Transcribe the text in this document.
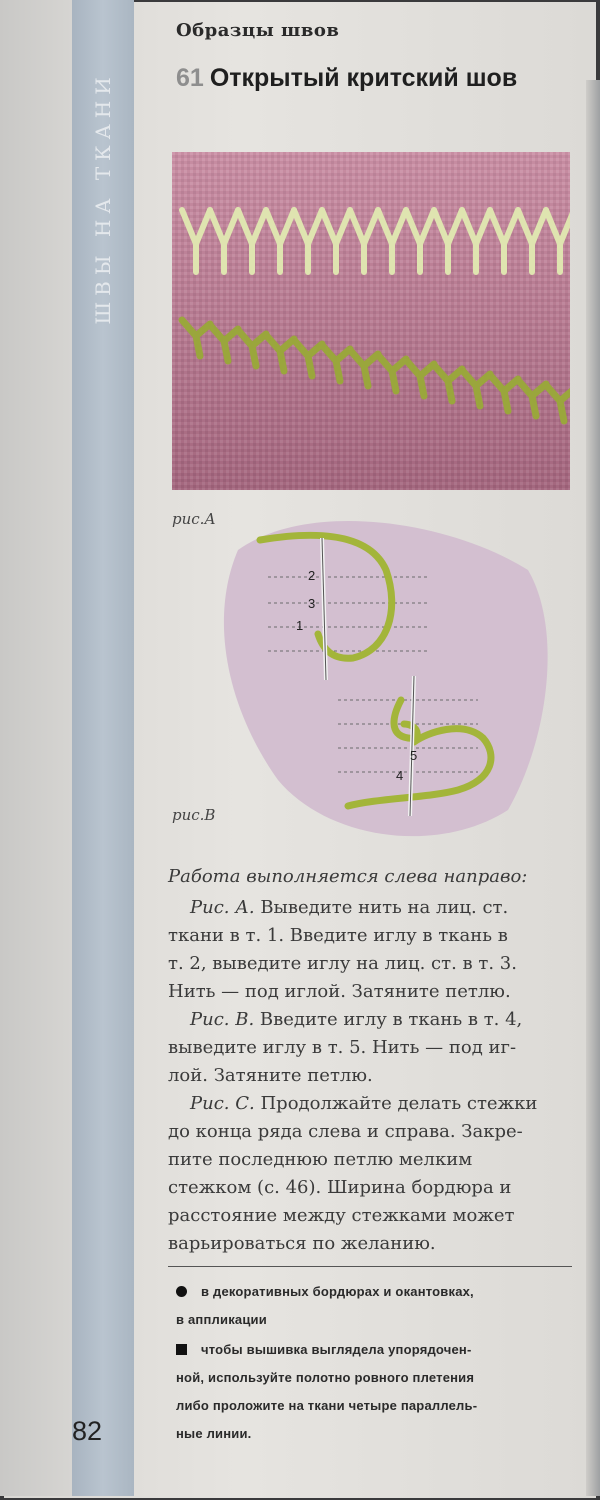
ШВЫ НА ТКАНИ
Образцы швов
61 Открытый критский шов
рис.А
2
3
1
5
4
рис.В
Работа выполняется слева направо:
Рис. А. Выведите нить на лиц. ст.
ткани в т. 1. Введите иглу в ткань в
т. 2, выведите иглу на лиц. ст. в т. 3.
Нить — под иглой. Затяните петлю.
Рис. В. Введите иглу в ткань в т. 4,
выведите иглу в т. 5. Нить — под иг-
лой. Затяните петлю.
Рис. С. Продолжайте делать стежки
до конца ряда слева и справа. Закре-
пите последнюю петлю мелким
стежком (с. 46). Ширина бордюра и
расстояние между стежками может
варьироваться по желанию.
в декоративных бордюрах и окантовках,
в аппликации
чтобы вышивка выглядела упорядочен-
ной, используйте полотно ровного плетения
либо проложите на ткани четыре параллель-
ные линии.
82
